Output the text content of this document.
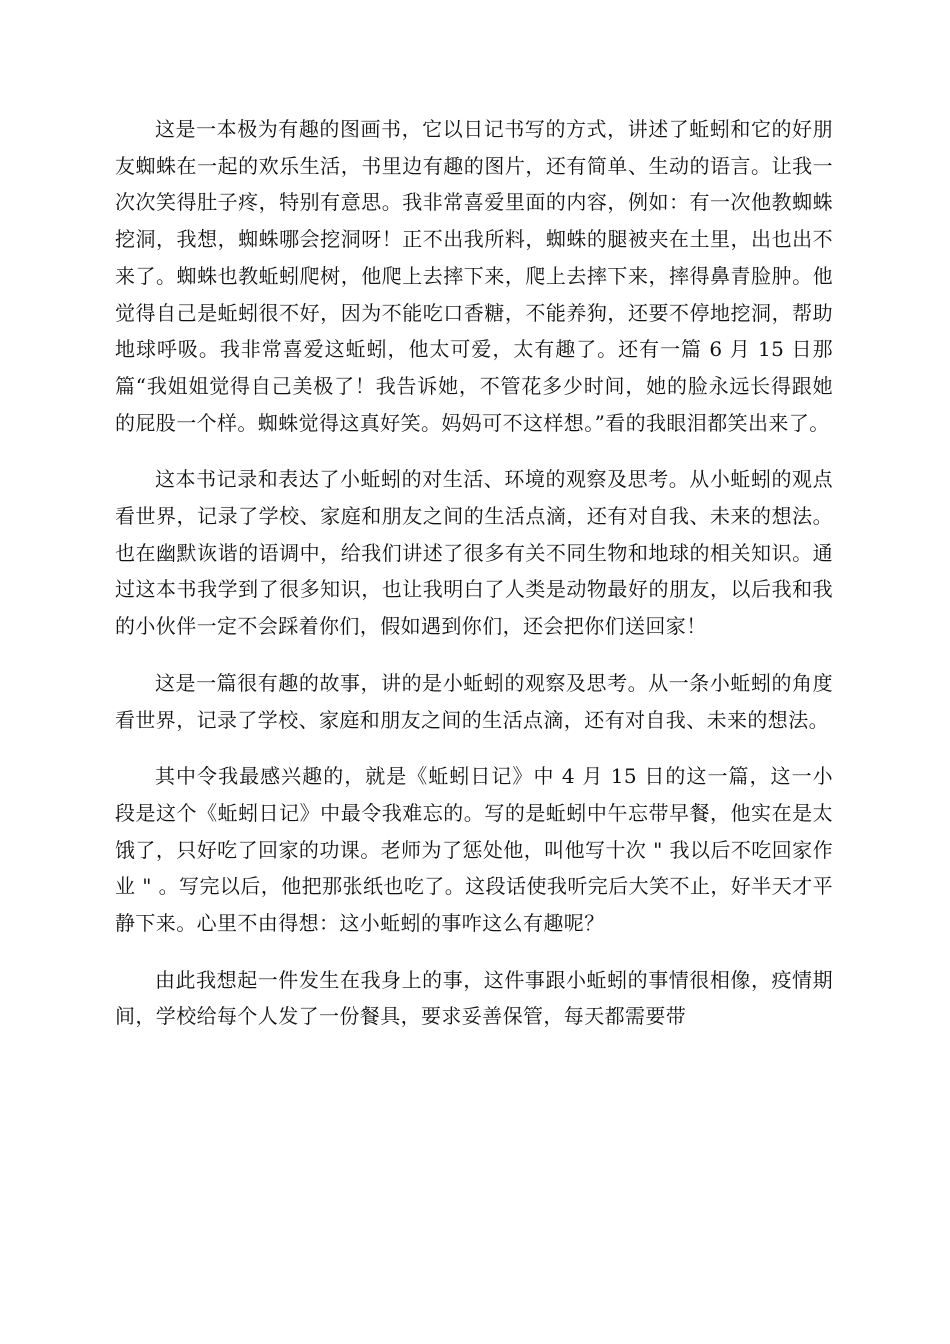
这是一本极为有趣的图画书，它以日记书写的方式，讲述了蚯蚓和它的好朋友蜘蛛在一起的欢乐生活，书里边有趣的图片，还有简单、生动的语言。让我一次次笑得肚子疼，特别有意思。我非常喜爱里面的内容，例如：有一次他教蜘蛛挖洞，我想，蜘蛛哪会挖洞呀！正不出我所料，蜘蛛的腿被夹在土里，出也出不来了。蜘蛛也教蚯蚓爬树，他爬上去摔下来，爬上去摔下来，摔得鼻青脸肿。他觉得自己是蚯蚓很不好，因为不能吃口香糖，不能养狗，还要不停地挖洞，帮助地球呼吸。我非常喜爱这蚯蚓，他太可爱，太有趣了。还有一篇 6 月 15 日那篇“我姐姐觉得自己美极了！我告诉她，不管花多少时间，她的脸永远长得跟她的屁股一个样。蜘蛛觉得这真好笑。妈妈可不这样想。”看的我眼泪都笑出来了。

这本书记录和表达了小蚯蚓的对生活、环境的观察及思考。从小蚯蚓的观点看世界，记录了学校、家庭和朋友之间的生活点滴，还有对自我、未来的想法。也在幽默诙谐的语调中，给我们讲述了很多有关不同生物和地球的相关知识。通过这本书我学到了很多知识，也让我明白了人类是动物最好的朋友，以后我和我的小伙伴一定不会踩着你们，假如遇到你们，还会把你们送回家！

这是一篇很有趣的故事，讲的是小蚯蚓的观察及思考。从一条小蚯蚓的角度看世界，记录了学校、家庭和朋友之间的生活点滴，还有对自我、未来的想法。

其中令我最感兴趣的，就是《蚯蚓日记》中 4 月 15 日的这一篇，这一小段是这个《蚯蚓日记》中最令我难忘的。写的是蚯蚓中午忘带早餐，他实在是太饿了，只好吃了回家的功课。老师为了惩处他，叫他写十次 " 我以后不吃回家作业 " 。写完以后，他把那张纸也吃了。这段话使我听完后大笑不止，好半天才平静下来。心里不由得想：这小蚯蚓的事咋这么有趣呢？

由此我想起一件发生在我身上的事，这件事跟小蚯蚓的事情很相像，疫情期间，学校给每个人发了一份餐具，要求妥善保管，每天都需要带
